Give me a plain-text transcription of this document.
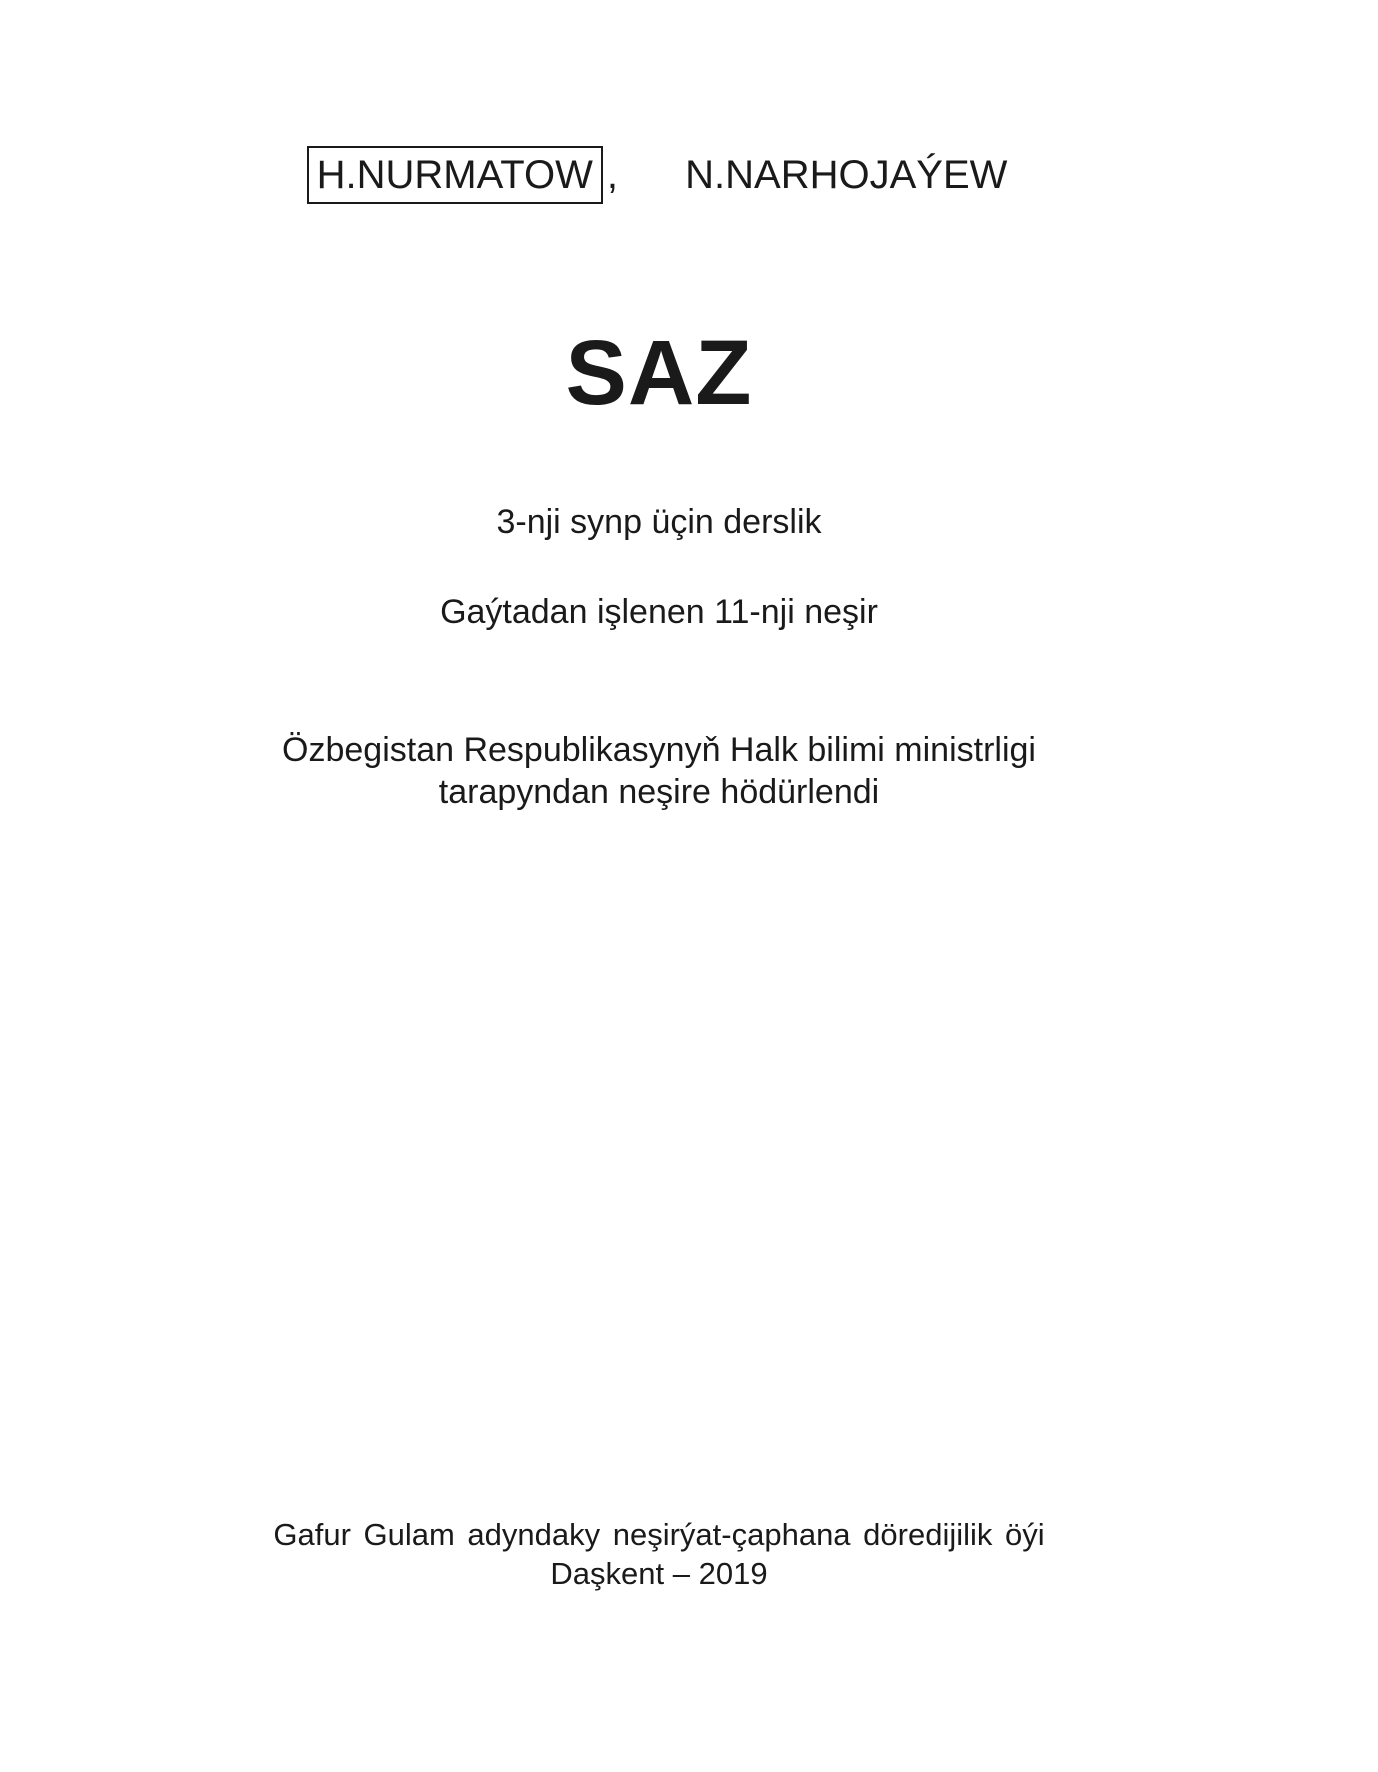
H.NURMATOW , N.NARHOJAÝEW
SAZ
3-nji synp üçin derslik
Gaýtadan işlenen 11-nji neşir
Özbegistan Respublikasynyň Halk bilimi ministrligi
tarapyndan neşire hödürlendi
Gafur Gulam adyndaky neşirýat-çaphana döredijilik öýi
Daşkent – 2019
